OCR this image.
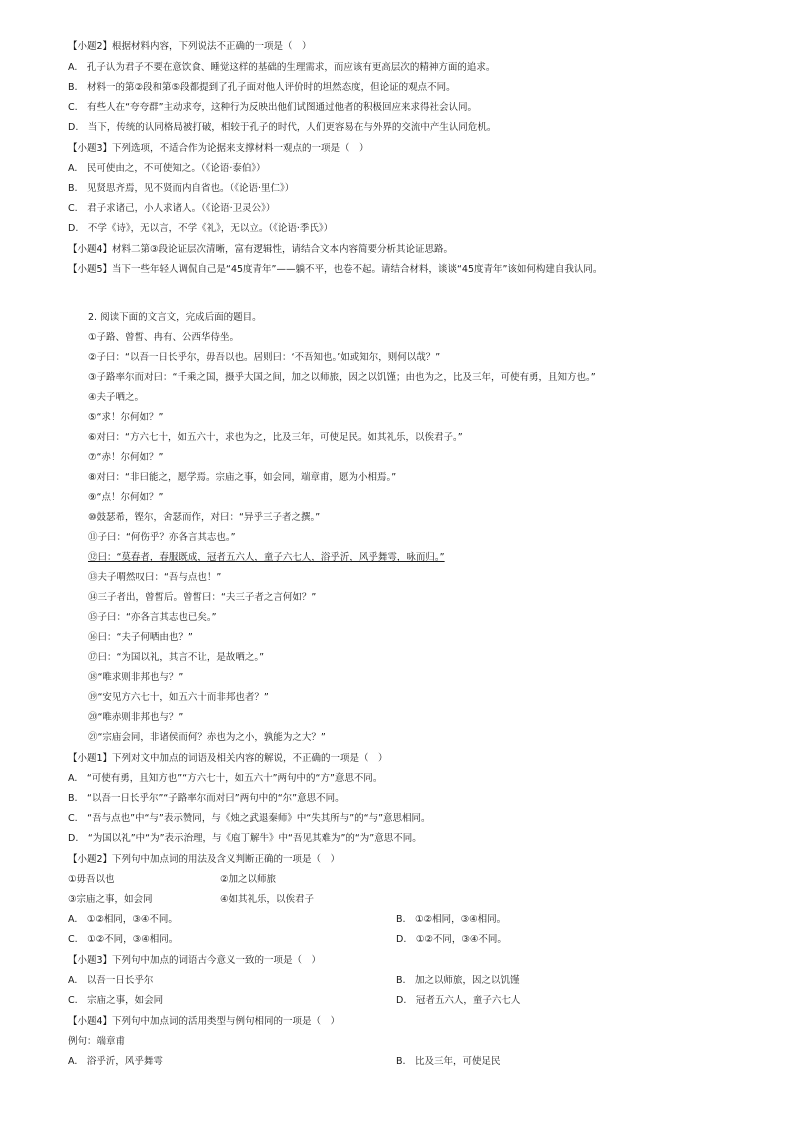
【小题2】根据材料内容，下列说法不正确的一项是（　）
A.　孔子认为君子不要在意饮食、睡觉这样的基础的生理需求，而应该有更高层次的精神方面的追求。
B.　材料一的第②段和第⑤段都提到了孔子面对他人评价时的坦然态度，但论证的观点不同。
C.　有些人在“夸夸群”主动求夸，这种行为反映出他们试图通过他者的积极回应来求得社会认同。
D.　当下，传统的认同格局被打破，相较于孔子的时代，人们更容易在与外界的交流中产生认同危机。
【小题3】下列选项，不适合作为论据来支撑材料一观点的一项是（　）
A.　民可使由之，不可使知之。（《论语·泰伯》）
B.　见贤思齐焉，见不贤而内自省也。（《论语·里仁》）
C.　君子求诸己，小人求诸人。（《论语·卫灵公》）
D.　不学《诗》，无以言，不学《礼》，无以立。（《论语·季氏》）
【小题4】材料二第③段论证层次清晰，富有逻辑性，请结合文本内容简要分析其论证思路。
【小题5】当下一些年轻人调侃自己是“45度青年”——躺不平，也卷不起。请结合材料，谈谈“45度青年”该如何构建自我认同。
2. 阅读下面的文言文，完成后面的题目。
①子路、曾皙、冉有、公西华侍坐。
②子曰：“以吾一日长乎尔，毋吾以也。居则曰：‘不吾知也。’如或知尔，则何以哉？”
③子路率尔而对曰：“千乘之国，摄乎大国之间，加之以师旅，因之以饥馑；由也为之，比及三年，可使有勇，且知方也。”
④夫子哂之。
⑤“求！尔何如？”
⑥对曰：“方六七十，如五六十，求也为之，比及三年，可使足民。如其礼乐，以俟君子。”
⑦“赤！尔何如？”
⑧对曰：“非曰能之，愿学焉。宗庙之事，如会同，端章甫，愿为小相焉。”
⑨“点！尔何如？”
⑩鼓瑟希，铿尔，舍瑟而作，对曰：“异乎三子者之撰。”
⑪子曰：“何伤乎？亦各言其志也。”
⑫曰：“莫春者，春服既成，冠者五六人，童子六七人，浴乎沂，风乎舞雩，咏而归。”
⑬夫子喟然叹曰：“吾与点也！”
⑭三子者出，曾皙后。曾皙曰：“夫三子者之言何如？”
⑮子曰：“亦各言其志也已矣。”
⑯曰：“夫子何哂由也？”
⑰曰：“为国以礼，其言不让，是故哂之。”
⑱“唯求则非邦也与？”
⑲“安见方六七十，如五六十而非邦也者？”
⑳“唯赤则非邦也与？”
㉑“宗庙会同，非诸侯而何？赤也为之小，孰能为之大？”
【小题1】下列对文中加点的词语及相关内容的解说，不正确的一项是（　）
A.　“可使有勇，且知方也”“方六七十，如五六十”两句中的“方”意思不同。
B.　“以吾一日长乎尔”“子路率尔而对曰”两句中的“尔”意思不同。
C.　“吾与点也”中“与”表示赞同，与《烛之武退秦师》中“失其所与”的“与”意思相同。
D.　“为国以礼”中“为”表示治理，与《庖丁解牛》中“吾见其难为”的“为”意思不同。
【小题2】下列句中加点词的用法及含义判断正确的一项是（　）
①毋吾以也	②加之以师旅
③宗庙之事，如会同	④如其礼乐，以俟君子
A.　①②相同，③④不同。	B.　①②相同，③④相同。
C.　①②不同，③④相同。	D.　①②不同，③④不同。
【小题3】下列句中加点的词语古今意义一致的一项是（　）
A.　以吾一日长乎尔	B.　加之以师旅，因之以饥馑
C.　宗庙之事，如会同	D.　冠者五六人，童子六七人
【小题4】下列句中加点词的活用类型与例句相同的一项是（　）
例句：端章甫
A.　浴乎沂，风乎舞雩	B.　比及三年，可使足民
